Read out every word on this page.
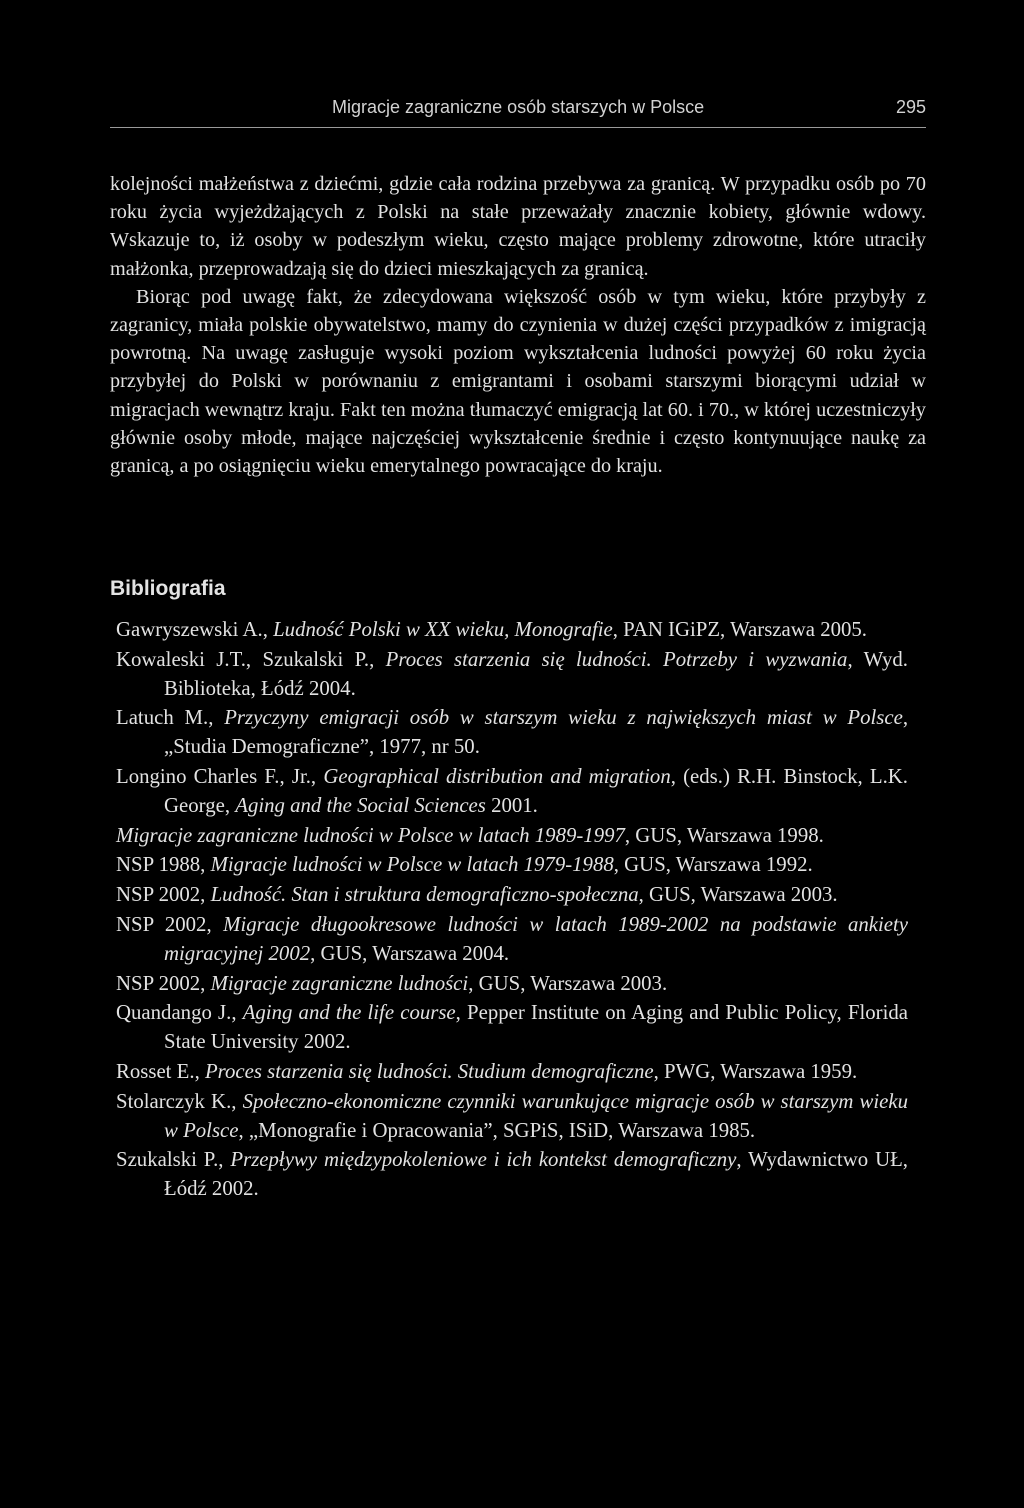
Migracje zagraniczne osób starszych w Polsce	295

kolejności małżeństwa z dziećmi, gdzie cała rodzina przebywa za granicą. W przypadku osób po 70 roku życia wyjeżdżających z Polski na stałe przeważały znacznie kobiety, głównie wdowy. Wskazuje to, iż osoby w podeszłym wieku, często mające problemy zdrowotne, które utraciły małżonka, przeprowadzają się do dzieci mieszkających za granicą.

Biorąc pod uwagę fakt, że zdecydowana większość osób w tym wieku, które przybyły z zagranicy, miała polskie obywatelstwo, mamy do czynienia w dużej części przypadków z imigracją powrotną. Na uwagę zasługuje wysoki poziom wykształcenia ludności powyżej 60 roku życia przybyłej do Polski w porównaniu z emigrantami i osobami starszymi biorącymi udział w migracjach wewnątrz kraju. Fakt ten można tłumaczyć emigracją lat 60. i 70., w której uczestniczyły głównie osoby młode, mające najczęściej wykształcenie średnie i często kontynuujące naukę za granicą, a po osiągnięciu wieku emerytalnego powracające do kraju.

Bibliografia
Gawryszewski A., Ludność Polski w XX wieku, Monografie, PAN IGiPZ, Warszawa 2005.
Kowaleski J.T., Szukalski P., Proces starzenia się ludności. Potrzeby i wyzwania, Wyd. Biblioteka, Łódź 2004.
Latuch M., Przyczyny emigracji osób w starszym wieku z największych miast w Polsce, „Studia Demograficzne”, 1977, nr 50.
Longino Charles F., Jr., Geographical distribution and migration, (eds.) R.H. Binstock, L.K. George, Aging and the Social Sciences 2001.
Migracje zagraniczne ludności w Polsce w latach 1989-1997, GUS, Warszawa 1998.
NSP 1988, Migracje ludności w Polsce w latach 1979-1988, GUS, Warszawa 1992.
NSP 2002, Ludność. Stan i struktura demograficzno-społeczna, GUS, Warszawa 2003.
NSP 2002, Migracje długookresowe ludności w latach 1989-2002 na podstawie ankiety migracyjnej 2002, GUS, Warszawa 2004.
NSP 2002, Migracje zagraniczne ludności, GUS, Warszawa 2003.
Quandango J., Aging and the life course, Pepper Institute on Aging and Public Policy, Florida State University 2002.
Rosset E., Proces starzenia się ludności. Studium demograficzne, PWG, Warszawa 1959.
Stolarczyk K., Społeczno-ekonomiczne czynniki warunkujące migracje osób w starszym wieku w Polsce, „Monografie i Opracowania”, SGPiS, ISiD, Warszawa 1985.
Szukalski P., Przepływy międzypokoleniowe i ich kontekst demograficzny, Wydawnictwo UŁ, Łódź 2002.
